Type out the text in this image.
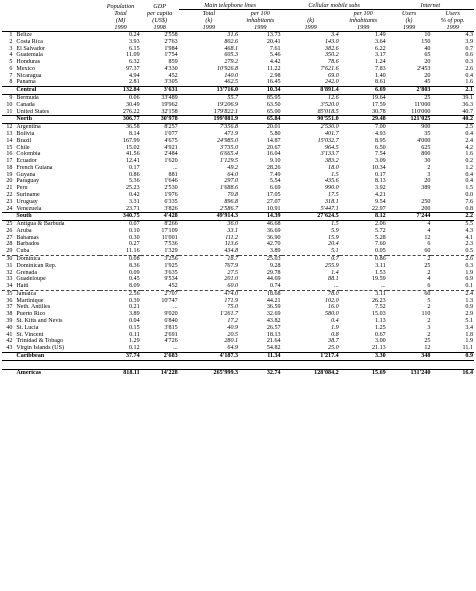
		Population	GDP	Main telephone lines		Cellular mobile subs		Internet	
		Total	per capita	Total	per 100		per 100	Users	Users
		(M)	(US$)	(k)	inhabitants	(k)	inhabitants	(k)	% of pop.
		1999	1998	1999	1999	1999	1999	1999	1999
1	Belize	0.24	2'558	31.6	13.73	3.4	1.49	10	4.3
2	Costa Rica	3.93	2'763	802.6	20.41	143.0	3.64	150	3.9
3	El Salvador	6.15	1'984	468.1	7.61	382.6	6.22	40	0.7
4	Guatemala	11.09	1'754	605.3	5.46	350.2	3.17	65	0.6
5	Honduras	6.32	859	279.2	4.42	78.6	1.24	20	0.3
6	Mexico	97.37	4'330	10'926.8	11.22	7'621.6	7.83	2'453	2.6
7	Nicaragua	4.94	452	140.0	2.98	69.0	1.40	20	0.4
8	Panama	2.81	3'305	462.5	16.45	242.0	8.61	45	1.6
	Central	132.84	3'631	13'716.0	10.34	8'891.4	6.69	2'803	2.1
9	Bermuda	0.06	33'489	55.7	85.95	12.6	19.64	25	39.1
10	Canada	30.49	19'962	19'206.9	63.50	3'520.0	17.59	11'000	36.3
11	United States	276.22	32'158	179'822.1	65.00	85'018.5	30.78	110'000	40.7
	North	306.77	30'978	199'081.9	65.84	90'551.0	29.48	121'025	40.2
12	Argentina	36.58	8'257	7'356.8	20.01	2'530.0	7.00	900	2.5
13	Bolivia	8.14	1'077	471.9	5.80	401.7	4.93	35	0.4
14	Brazil	167.99	4'675	24'985.0	14.87	15'032.7	8.95	4'000	2.4
15	Chile	15.02	4'921	3'735.0	20.67	964.5	6.50	625	4.2
16	Colombia	41.56	2'484	6'665.4	16.04	3'133.7	7.54	800	1.6
17	Ecuador	12.41	1'620	1'129.5	9.10	383.2	3.09	30	0.2
18	French Guiana	0.17	...	49.2	28.26	18.0	10.34	2	1.2
19	Guyana	0.86	881	64.0	7.49	1.5	0.17	3	0.4
20	Paraguay	5.36	1'646	297.0	5.54	435.6	8.13	20	0.4
21	Peru	25.23	2'530	1'688.6	6.69	990.0	3.92	389	1.5
22	Suriname	0.42	1'976	70.8	17.05	17.5	4.21		0.0
23	Uruguay	3.31	6'335	896.8	27.07	318.1	9.54	250	7.6
24	Venezuela	23.71	3'826	2'586.7	10.91	5'447.1	22.97	200	0.8
	South	340.75	4'428	49'914.3	14.39	27'624.5	8.12	7'244	2.2
25	Antigua & Barbuda	0.07	8'266	36.0	46.68	1.5	2.06	4	5.5
26	Aruba	0.10	17'109	33.1	36.69	5.9	5.72	4	4.3
27	Bahamas	0.30	11'001	111.2	36.90	15.9	5.28	12	4.1
28	Barbados	0.27	7'536	113.6	42.70	20.4	7.60	6	2.3
29	Cuba	11.16	1'329	434.8	3.89	5.1	0.05	60	0.5
30	Dominica	0.08	3'256	18.7	25.03	0.7	0.86	2	2.6
31	Dominican Rep.	8.36	1'925	767.9	9.28	255.9	3.11	25	0.3
32	Grenada	0.09	3'635	27.5	29.78	1.4	1.53	2	1.9
33	Guadeloupe	0.45	9'534	201.0	44.69	88.1	19.59	4	0.9
34	Haiti	8.09	452	60.0	0.74	...	...	6	0.1
35	Jamaica	2.56	2'707	474.0	18.68	78.0	3.11	60	2.4
36	Martinique	0.39	10'747	171.9	44.21	102.0	26.23	5	1.3
37	Neth. Antilles	0.21	...	75.0	36.59	16.0	7.52	2	0.9
38	Puerto Rico	3.89	9'020	1'261.7	32.69	580.0	15.03	110	2.9
39	St. Kitts and Nevis	0.04	6'840	17.2	43.82	0.4	1.13	2	5.1
40	St. Lucia	0.15	3'815	40.9	26.57	1.9	1.25	3	3.4
41	St. Vincent	0.11	2'691	20.5	18.13	0.8	0.67	2	1.8
42	Trinidad & Tobago	1.29	4'726	280.1	21.64	38.7	3.00	25	1.9
43	Virgin Islands (US)	0.12	...	64.9	54.82	25.0	21.13	12	11.1
	Caribbean	37.74	2'683	4'187.3	11.34	1'217.4	3.30	348	0.9

	Americas	818.11	14'228	265'999.3	32.74	128'084.2	15.69	131'240	16.4
